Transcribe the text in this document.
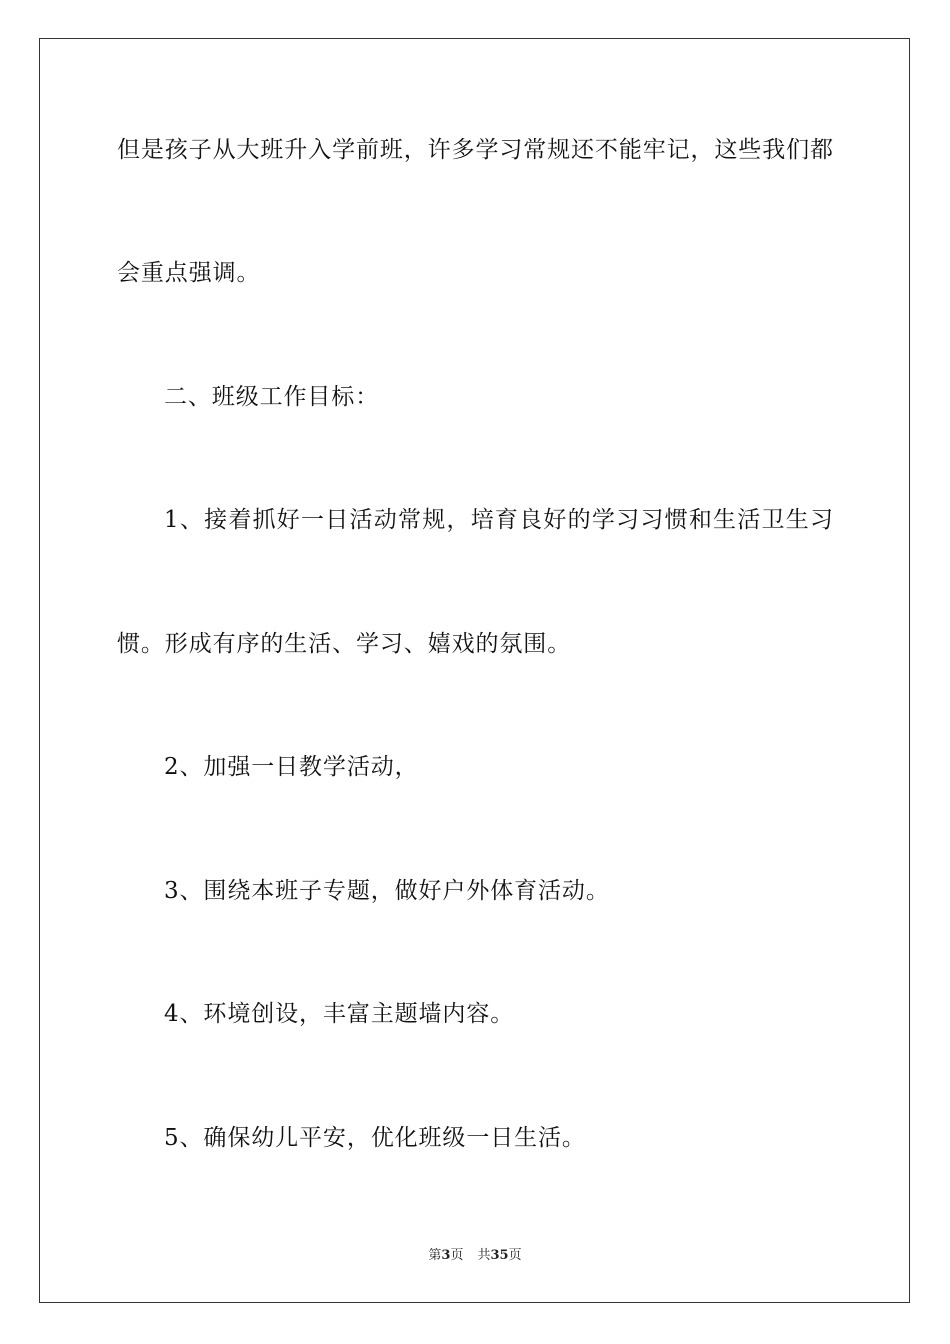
但是孩子从大班升入学前班，许多学习常规还不能牢记，这些我们都
会重点强调。
二、班级工作目标：
1、接着抓好一日活动常规，培育良好的学习习惯和生活卫生习
惯。形成有序的生活、学习、嬉戏的氛围。
2、加强一日教学活动，
3、围绕本班子专题，做好户外体育活动。
4、环境创设，丰富主题墙内容。
5、确保幼儿平安，优化班级一日生活。
第3页 共35页
